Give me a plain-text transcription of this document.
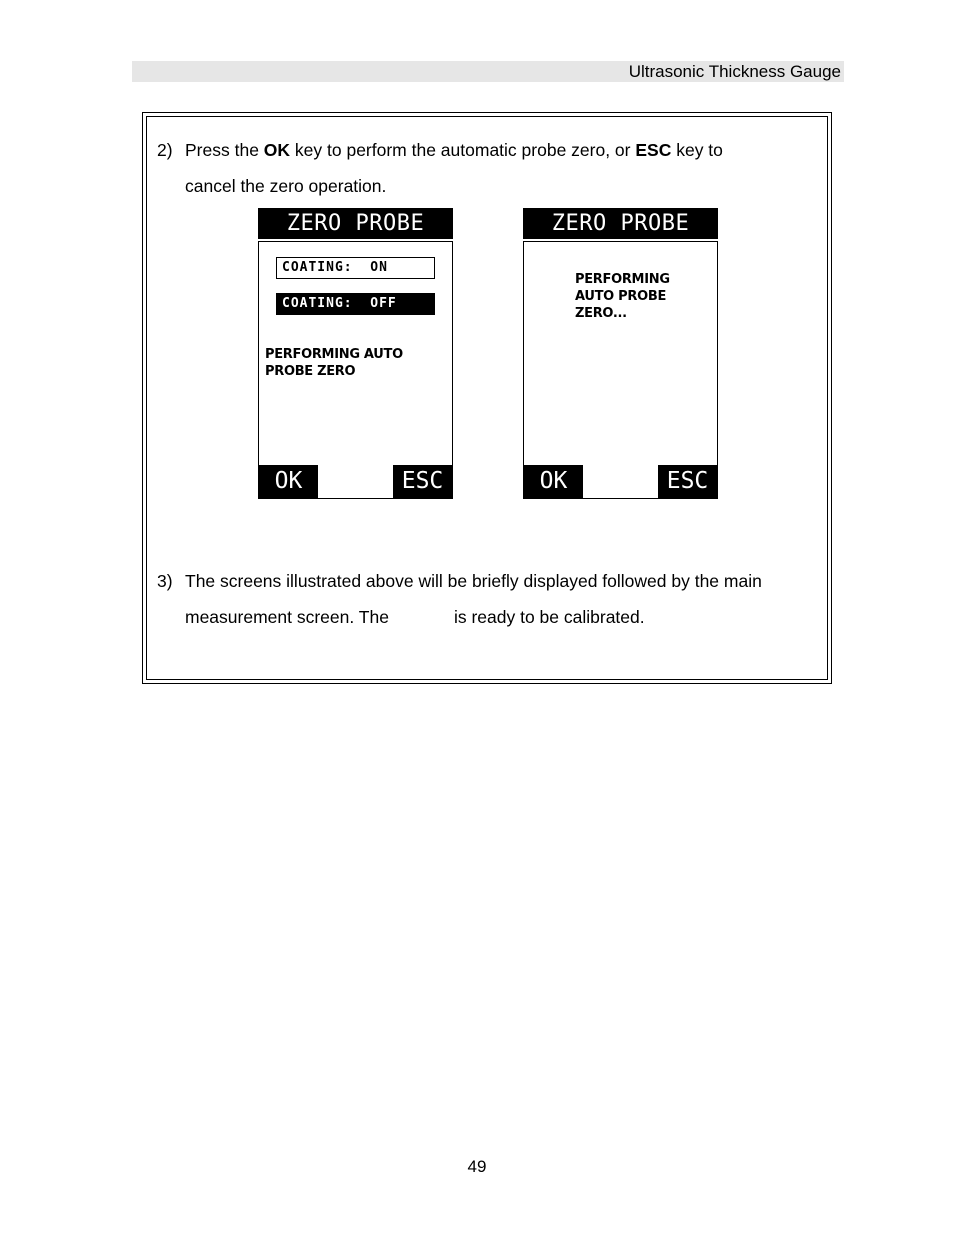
Ultrasonic Thickness Gauge
2) Press the OK key to perform the automatic probe zero, or ESC key to
cancel the zero operation.
ZERO PROBE
COATING:  ON
COATING:  OFF
PERFORMING AUTO
PROBE ZERO
OK	ESC
ZERO PROBE
PERFORMING
AUTO PROBE
ZERO...
OK	ESC
3) The screens illustrated above will be briefly displayed followed by the main
measurement screen. The	is ready to be calibrated.
49
